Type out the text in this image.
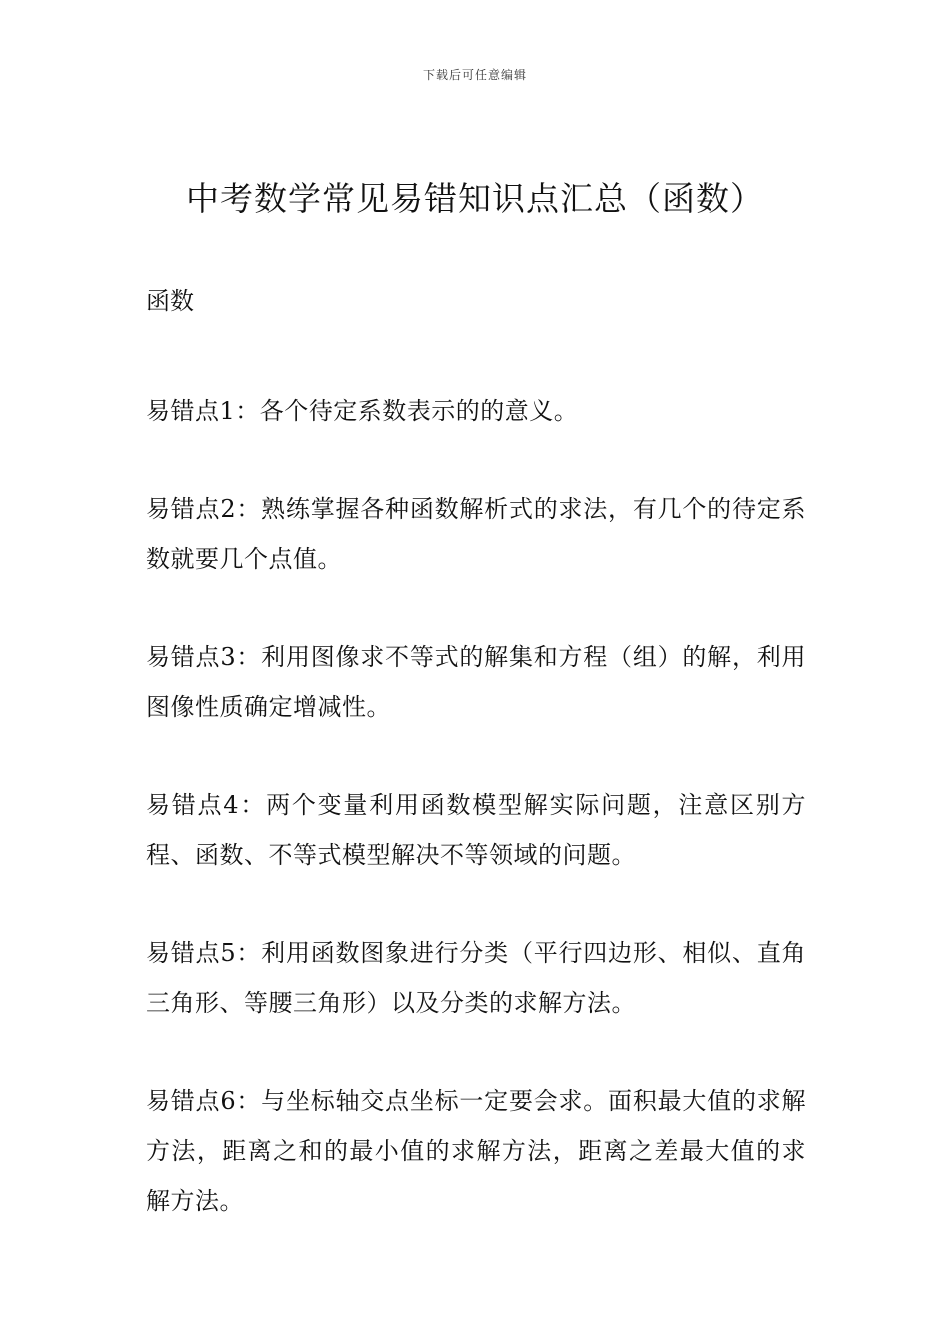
下载后可任意编辑
中考数学常见易错知识点汇总（函数）

函数

易错点1：各个待定系数表示的的意义。

易错点2：熟练掌握各种函数解析式的求法，有几个的待定系数就要几个点值。

易错点3：利用图像求不等式的解集和方程（组）的解，利用图像性质确定增减性。

易错点4：两个变量利用函数模型解实际问题，注意区别方程、函数、不等式模型解决不等领域的问题。

易错点5：利用函数图象进行分类（平行四边形、相似、直角三角形、等腰三角形）以及分类的求解方法。

易错点6：与坐标轴交点坐标一定要会求。面积最大值的求解方法，距离之和的最小值的求解方法，距离之差最大值的求解方法。
